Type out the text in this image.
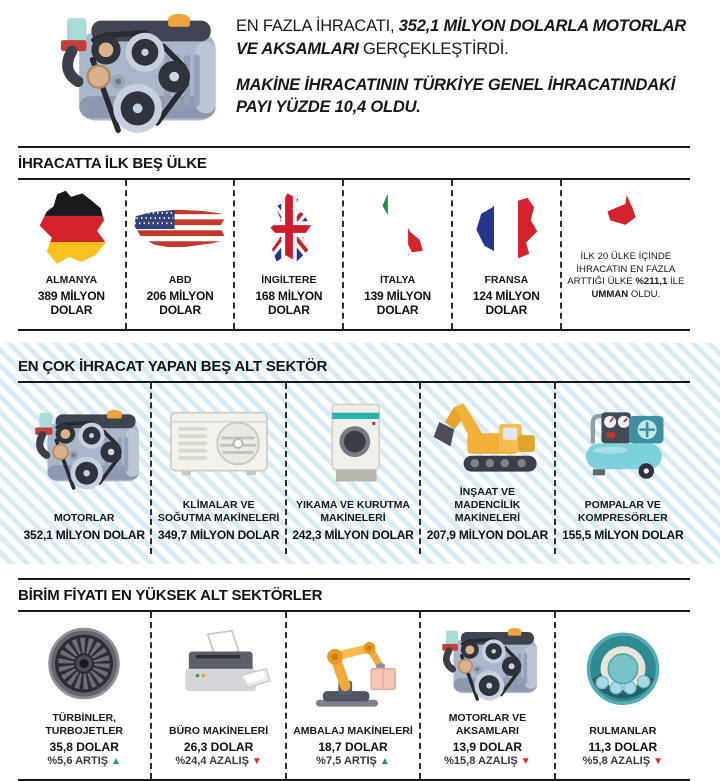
EN FAZLA İHRACATI, 352,1 MİLYON DOLARLA MOTORLAR VE AKSAMLARI GERÇEKLEŞTİRDİ.

MAKİNE İHRACATININ TÜRKİYE GENEL İHRACATINDAKİ PAYI YÜZDE 10,4 OLDU.

İHRACATTA İLK BEŞ ÜLKE
ALMANYA
389 MİLYON DOLAR
ABD
206 MİLYON DOLAR
İNGİLTERE
168 MİLYON DOLAR
İTALYA
139 MİLYON DOLAR
FRANSA
124 MİLYON DOLAR
İLK 20 ÜLKE İÇİNDE İHRACATIN EN FAZLA ARTTIĞI ÜLKE %211,1 İLE UMMAN OLDU.
EN ÇOK İHRACAT YAPAN BEŞ ALT SEKTÖR
MOTORLAR
352,1 MİLYON DOLAR
KLİMALAR VE SOĞUTMA MAKİNELERİ
349,7 MİLYON DOLAR
YIKAMA VE KURUTMA MAKİNELERİ
242,3 MİLYON DOLAR
İNŞAAT VE MADENCİLİK MAKİNELERİ
207,9 MİLYON DOLAR
POMPALAR VE KOMPRESÖRLER
155,5 MİLYON DOLAR
BİRİM FİYATI EN YÜKSEK ALT SEKTÖRLER
TÜRBİNLER, TURBOJETLER
35,8 DOLAR
%5,6 ARTIŞ ▲
BÜRO MAKİNELERİ
26,3 DOLAR
%24,4 AZALIŞ ▼
AMBALAJ MAKİNELERİ
18,7 DOLAR
%7,5 ARTIŞ ▲
MOTORLAR VE AKSAMLARI
13,9 DOLAR
%15,8 AZALIŞ ▼
RULMANLAR
11,3 DOLAR
%5,8 AZALIŞ ▼
